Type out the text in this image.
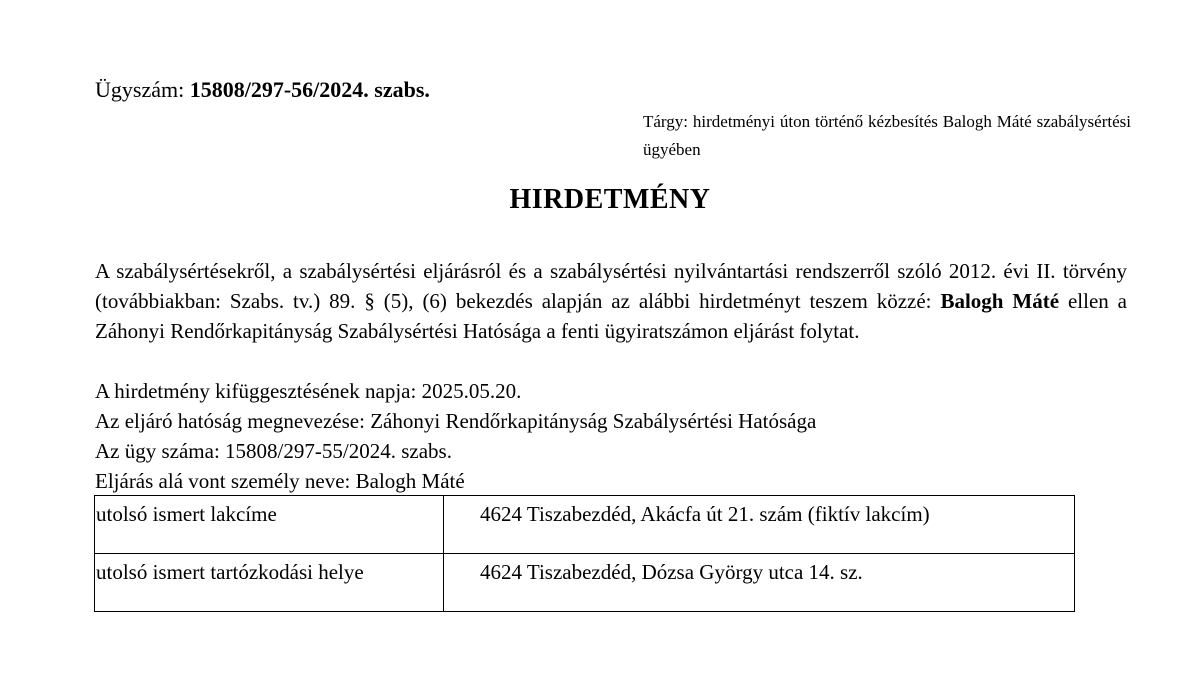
Ügyszám: 15808/297-56/2024. szabs.
Tárgy: hirdetményi úton történő kézbesítés Balogh Máté szabálysértési ügyében
HIRDETMÉNY
A szabálysértésekről, a szabálysértési eljárásról és a szabálysértési nyilvántartási rendszerről szóló 2012. évi II. törvény (továbbiakban: Szabs. tv.) 89. § (5), (6) bekezdés alapján az alábbi hirdetményt teszem közzé: Balogh Máté ellen a Záhonyi Rendőrkapitányság Szabálysértési Hatósága a fenti ügyiratszámon eljárást folytat.
A hirdetmény kifüggesztésének napja: 2025.05.20.
Az eljáró hatóság megnevezése: Záhonyi Rendőrkapitányság Szabálysértési Hatósága
Az ügy száma: 15808/297-55/2024. szabs.
Eljárás alá vont személy neve: Balogh Máté
utolsó ismert lakcíme	4624 Tiszabezdéd, Akácfa út 21. szám (fiktív lakcím)
utolsó ismert tartózkodási helye	4624 Tiszabezdéd, Dózsa György utca 14. sz.
